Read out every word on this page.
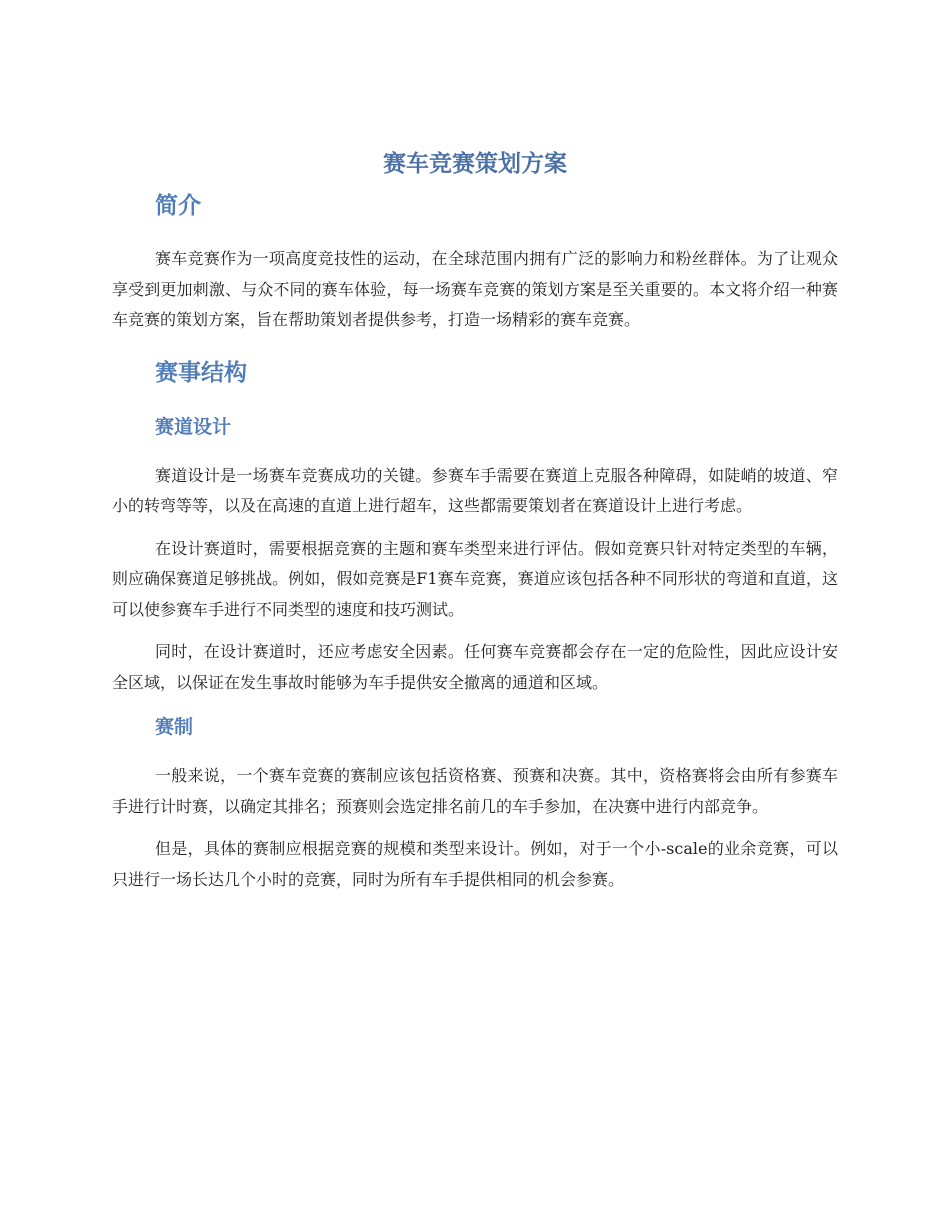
赛车竞赛策划方案
简介

赛车竞赛作为一项高度竞技性的运动，在全球范围内拥有广泛的影响力和粉丝群体。为了让观众享受到更加刺激、与众不同的赛车体验，每一场赛车竞赛的策划方案是至关重要的。本文将介绍一种赛车竞赛的策划方案，旨在帮助策划者提供参考，打造一场精彩的赛车竞赛。

赛事结构
赛道设计

赛道设计是一场赛车竞赛成功的关键。参赛车手需要在赛道上克服各种障碍，如陡峭的坡道、窄小的转弯等等，以及在高速的直道上进行超车，这些都需要策划者在赛道设计上进行考虑。

在设计赛道时，需要根据竞赛的主题和赛车类型来进行评估。假如竞赛只针对特定类型的车辆，则应确保赛道足够挑战。例如，假如竞赛是F1赛车竞赛，赛道应该包括各种不同形状的弯道和直道，这可以使参赛车手进行不同类型的速度和技巧测试。

同时，在设计赛道时，还应考虑安全因素。任何赛车竞赛都会存在一定的危险性，因此应设计安全区域，以保证在发生事故时能够为车手提供安全撤离的通道和区域。

赛制

一般来说，一个赛车竞赛的赛制应该包括资格赛、预赛和决赛。其中，资格赛将会由所有参赛车手进行计时赛，以确定其排名；预赛则会选定排名前几的车手参加，在决赛中进行内部竞争。

但是，具体的赛制应根据竞赛的规模和类型来设计。例如，对于一个小-scale的业余竞赛，可以只进行一场长达几个小时的竞赛，同时为所有车手提供相同的机会参赛。
